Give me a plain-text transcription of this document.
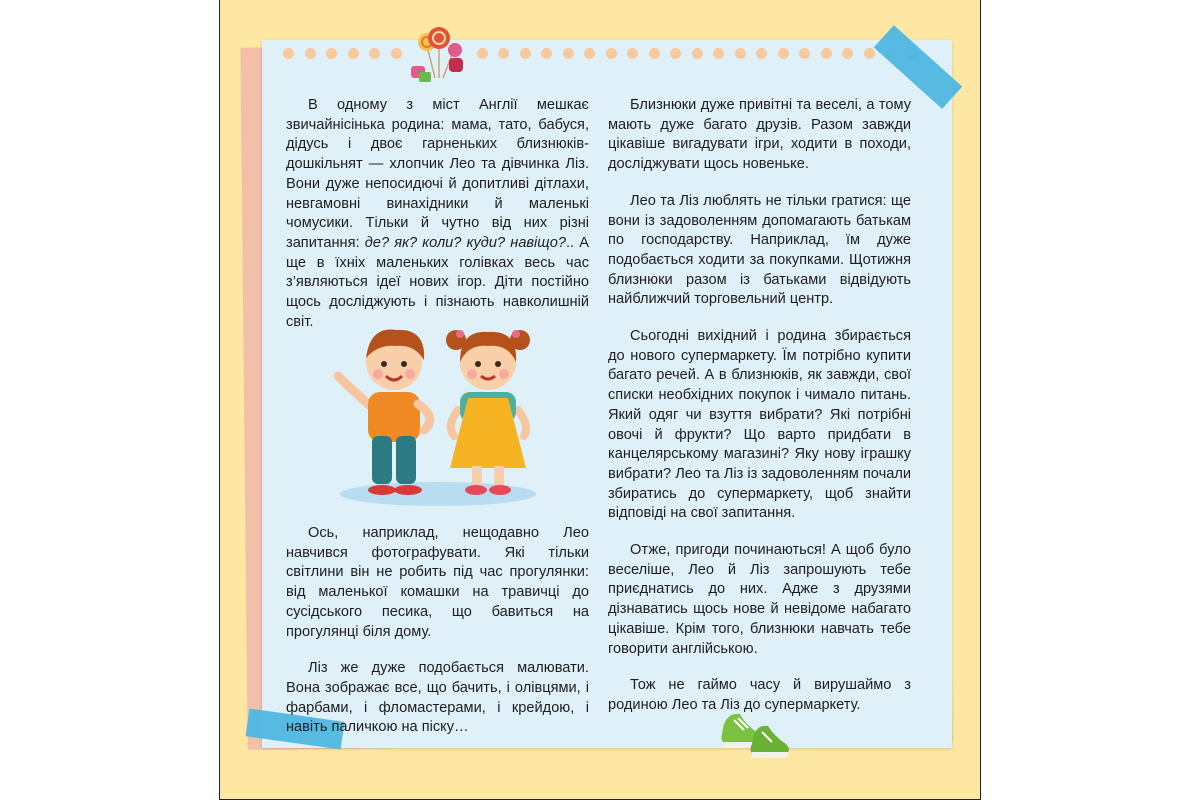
В одному з міст Англії мешкає звичайнісінька родина: мама, тато, бабуся, дідусь і двоє гарненьких близнюків-дошкільнят — хлопчик Лео та дівчинка Ліз. Вони дуже непосидючі й допитливі дітлахи, невгамовні винахідники й маленькі чомусики. Тільки й чутно від них різні запитання: де? як? коли? куди? навіщо?.. А ще в їхніх маленьких голівках весь час з’являються ідеї нових ігор. Діти постійно щось досліджують і пізнають навколишній світ.

Ось, наприклад, нещодавно Лео навчився фотографувати. Які тільки світлини він не робить під час прогулянки: від маленької комашки на травичці до сусідського песика, що бавиться на прогулянці біля дому.

Ліз же дуже подобається малювати. Вона зображає все, що бачить, і олівцями, і фарбами, і фломастерами, і крейдою, і навіть паличкою на піску…

Близнюки дуже привітні та веселі, а тому мають дуже багато друзів. Разом завжди цікавіше вигадувати ігри, ходити в походи, досліджувати щось новеньке.

Лео та Ліз люблять не тільки гратися: ще вони із задоволенням допомагають батькам по господарству. Наприклад, їм дуже подобається ходити за покупками. Щотижня близнюки разом із батьками відвідують найближчий торговельний центр.

Сьогодні вихідний і родина збирається до нового супермаркету. Їм потрібно купити багато речей. А в близнюків, як завжди, свої списки необхідних покупок і чимало питань. Який одяг чи взуття вибрати? Які потрібні овочі й фрукти? Що варто придбати в канцелярському магазині? Яку нову іграшку вибрати? Лео та Ліз із задоволенням почали збиратись до супермаркету, щоб знайти відповіді на свої запитання.

Отже, пригоди починаються! А щоб було веселіше, Лео й Ліз запрошують тебе приєднатись до них. Адже з друзями дізнаватись щось нове й невідоме набагато цікавіше. Крім того, близнюки навчать тебе говорити англійською.

Тож не гаймо часу й вирушаймо з родиною Лео та Ліз до супермаркету.
